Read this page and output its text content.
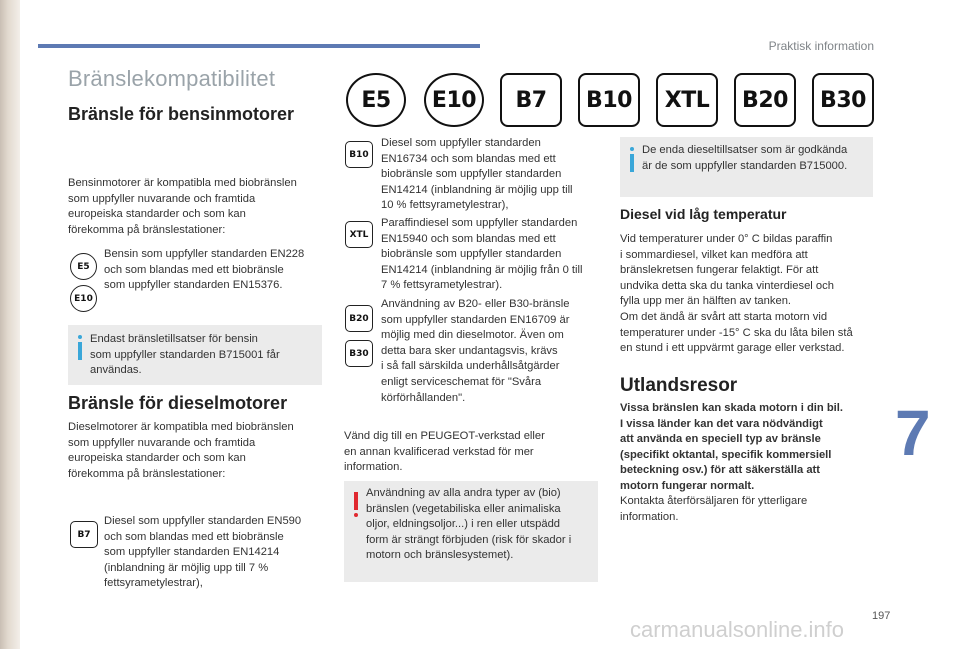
Praktisk information
Bränslekompatibilitet
E5	E10	B7	B10	XTL	B20	B30
Bränsle för bensinmotorer
Bensinmotorer är kompatibla med biobränslen
som uppfyller nuvarande och framtida
europeiska standarder och som kan
förekomma på bränslestationer:
E5
E10
Bensin som uppfyller standarden EN228
och som blandas med ett biobränsle
som uppfyller standarden EN15376.
Endast bränsletillsatser för bensin
som uppfyller standarden B715001 får
användas.
Bränsle för dieselmotorer
Dieselmotorer är kompatibla med biobränslen
som uppfyller nuvarande och framtida
europeiska standarder och som kan
förekomma på bränslestationer:
B7
Diesel som uppfyller standarden EN590
och som blandas med ett biobränsle
som uppfyller standarden EN14214
(inblandning är möjlig upp till 7 %
fettsyrametylestrar),
B10
Diesel som uppfyller standarden
EN16734 och som blandas med ett
biobränsle som uppfyller standarden
EN14214 (inblandning är möjlig upp till
10 % fettsyrametylestrar),
XTL
Paraffindiesel som uppfyller standarden
EN15940 och som blandas med ett
biobränsle som uppfyller standarden
EN14214 (inblandning är möjlig från 0 till
7 % fettsyrametylestrar).
B20
B30
Användning av B20- eller B30-bränsle
som uppfyller standarden EN16709 är
möjlig med din dieselmotor. Även om
detta bara sker undantagsvis, krävs
i så fall särskilda underhållsåtgärder
enligt serviceschemat för "Svåra
körförhållanden".
Vänd dig till en PEUGEOT-verkstad eller
en annan kvalificerad verkstad för mer
information.
Användning av alla andra typer av (bio)
bränslen (vegetabiliska eller animaliska
oljor, eldningsoljor...) i ren eller utspädd
form är strängt förbjuden (risk för skador i
motorn och bränslesystemet).
De enda dieseltillsatser som är godkända
är de som uppfyller standarden B715000.
Diesel vid låg temperatur
Vid temperaturer under 0° C bildas paraffin
i sommardiesel, vilket kan medföra att
bränslekretsen fungerar felaktigt. För att
undvika detta ska du tanka vinterdiesel och
fylla upp mer än hälften av tanken.
Om det ändå är svårt att starta motorn vid
temperaturer under -15° C ska du låta bilen stå
en stund i ett uppvärmt garage eller verkstad.
Utlandsresor
Vissa bränslen kan skada motorn i din bil.
I vissa länder kan det vara nödvändigt
att använda en speciell typ av bränsle
(specifikt oktantal, specifik kommersiell
beteckning osv.) för att säkerställa att
motorn fungerar normalt.
Kontakta återförsäljaren för ytterligare
information.
7
197
carmanualsonline.info
